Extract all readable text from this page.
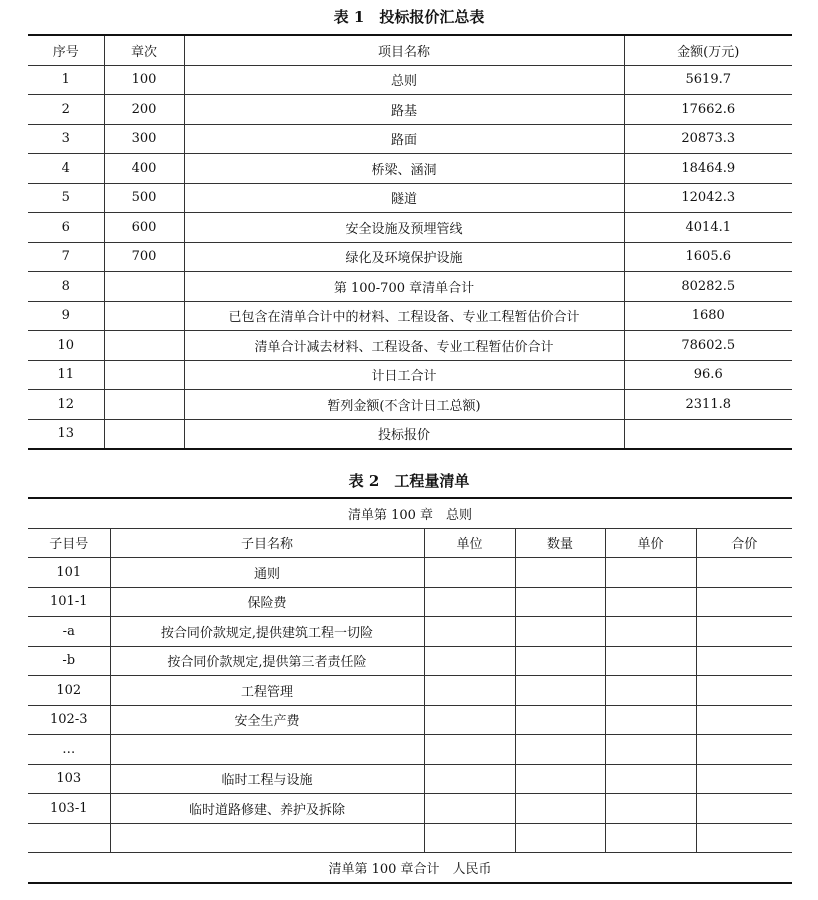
表 1　投标报价汇总表
序号	章次	项目名称	金额(万元)
1	100	总则	5619.7
2	200	路基	17662.6
3	300	路面	20873.3
4	400	桥梁、涵洞	18464.9
5	500	隧道	12042.3
6	600	安全设施及预埋管线	4014.1
7	700	绿化及环境保护设施	1605.6
8		第 100-700 章清单合计	80282.5
9		已包含在清单合计中的材料、工程设备、专业工程暂估价合计	1680
10		清单合计减去材料、工程设备、专业工程暂估价合计	78602.5
11		计日工合计	96.6
12		暂列金额(不含计日工总额)	2311.8
13		投标报价	
表 2　工程量清单
清单第 100 章　总则					
子目号	子目名称	单位	数量	单价	合价
101	通则				
101-1	保险费				
-a	按合同价款规定,提供建筑工程一切险				
-b	按合同价款规定,提供第三者责任险				
102	工程管理				
102-3	安全生产费				
…					
103	临时工程与设施				
103-1	临时道路修建、养护及拆除				

清单第 100 章合计　人民币					
